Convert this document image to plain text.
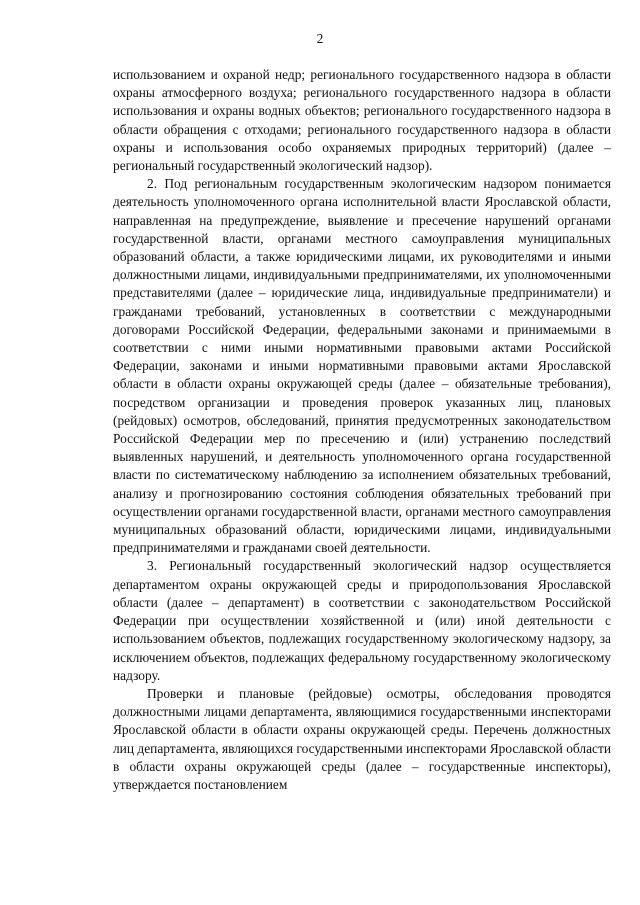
2

использованием и охраной недр; регионального государственного надзора в области охраны атмосферного воздуха; регионального государственного надзора в области использования и охраны водных объектов; регионального государственного надзора в области обращения с отходами; регионального государственного надзора в области охраны и использования особо охраняемых природных территорий) (далее – региональный государственный экологический надзор).

2. Под региональным государственным экологическим надзором понимается деятельность уполномоченного органа исполнительной власти Ярославской области, направленная на предупреждение, выявление и пресечение нарушений органами государственной власти, органами местного самоуправления муниципальных образований области, а также юридическими лицами, их руководителями и иными должностными лицами, индивидуальными предпринимателями, их уполномоченными представителями (далее – юридические лица, индивидуальные предприниматели) и гражданами требований, установленных в соответствии с международными договорами Российской Федерации, федеральными законами и принимаемыми в соответствии с ними иными нормативными правовыми актами Российской Федерации, законами и иными нормативными правовыми актами Ярославской области в области охраны окружающей среды (далее – обязательные требования), посредством организации и проведения проверок указанных лиц, плановых (рейдовых) осмотров, обследований, принятия предусмотренных законодательством Российской Федерации мер по пресечению и (или) устранению последствий выявленных нарушений, и деятельность уполномоченного органа государственной власти по систематическому наблюдению за исполнением обязательных требований, анализу и прогнозированию состояния соблюдения обязательных требований при осуществлении органами государственной власти, органами местного самоуправления муниципальных образований области, юридическими лицами, индивидуальными предпринимателями и гражданами своей деятельности.

3. Региональный государственный экологический надзор осуществляется департаментом охраны окружающей среды и природопользования Ярославской области (далее – департамент) в соответствии с законодательством Российской Федерации при осуществлении хозяйственной и (или) иной деятельности с использованием объектов, подлежащих государственному экологическому надзору, за исключением объектов, подлежащих федеральному государственному экологическому надзору.

Проверки и плановые (рейдовые) осмотры, обследования проводятся должностными лицами департамента, являющимися государственными инспекторами Ярославской области в области охраны окружающей среды. Перечень должностных лиц департамента, являющихся государственными инспекторами Ярославской области в области охраны окружающей среды (далее – государственные инспекторы), утверждается постановлением
